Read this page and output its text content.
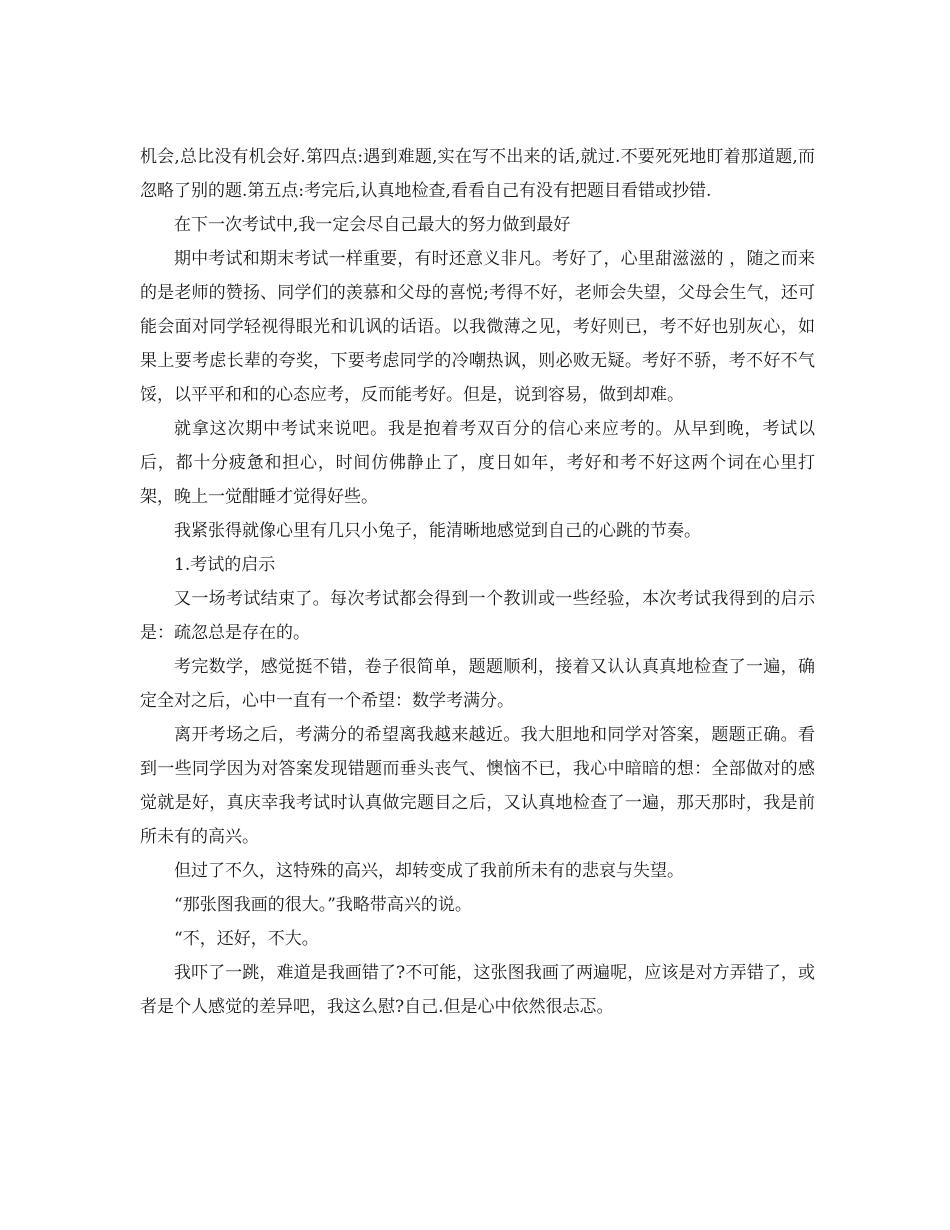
机会,总比没有机会好.第四点:遇到难题,实在写不出来的话,就过.不要死死地盯着那道题,而忽略了别的题.第五点:考完后,认真地检查,看看自己有没有把题目看错或抄错.

在下一次考试中,我一定会尽自己最大的努力做到最好

期中考试和期末考试一样重要，有时还意义非凡。考好了，心里甜滋滋的 ，随之而来的是老师的赞扬、同学们的羡慕和父母的喜悦;考得不好，老师会失望，父母会生气，还可能会面对同学轻视得眼光和讥讽的话语。以我微薄之见，考好则已，考不好也别灰心，如果上要考虑长辈的夸奖，下要考虑同学的冷嘲热讽，则必败无疑。考好不骄，考不好不气馁，以平平和和的心态应考，反而能考好。但是，说到容易，做到却难。

就拿这次期中考试来说吧。我是抱着考双百分的信心来应考的。从早到晚，考试以后，都十分疲惫和担心，时间仿佛静止了，度日如年，考好和考不好这两个词在心里打架，晚上一觉酣睡才觉得好些。

我紧张得就像心里有几只小兔子，能清晰地感觉到自己的心跳的节奏。

1.考试的启示

又一场考试结束了。每次考试都会得到一个教训或一些经验，本次考试我得到的启示是：疏忽总是存在的。

考完数学，感觉挺不错，卷子很简单，题题顺利，接着又认认真真地检查了一遍，确定全对之后，心中一直有一个希望：数学考满分。

离开考场之后，考满分的希望离我越来越近。我大胆地和同学对答案，题题正确。看到一些同学因为对答案发现错题而垂头丧气、懊恼不已，我心中暗暗的想：全部做对的感觉就是好，真庆幸我考试时认真做完题目之后，又认真地检查了一遍，那天那时，我是前所未有的高兴。

但过了不久，这特殊的高兴，却转变成了我前所未有的悲哀与失望。

“那张图我画的很大。”我略带高兴的说。

“不，还好，不大。

我吓了一跳，难道是我画错了?不可能，这张图我画了两遍呢，应该是对方弄错了，或者是个人感觉的差异吧，我这么慰?自己.但是心中依然很忐忑。
